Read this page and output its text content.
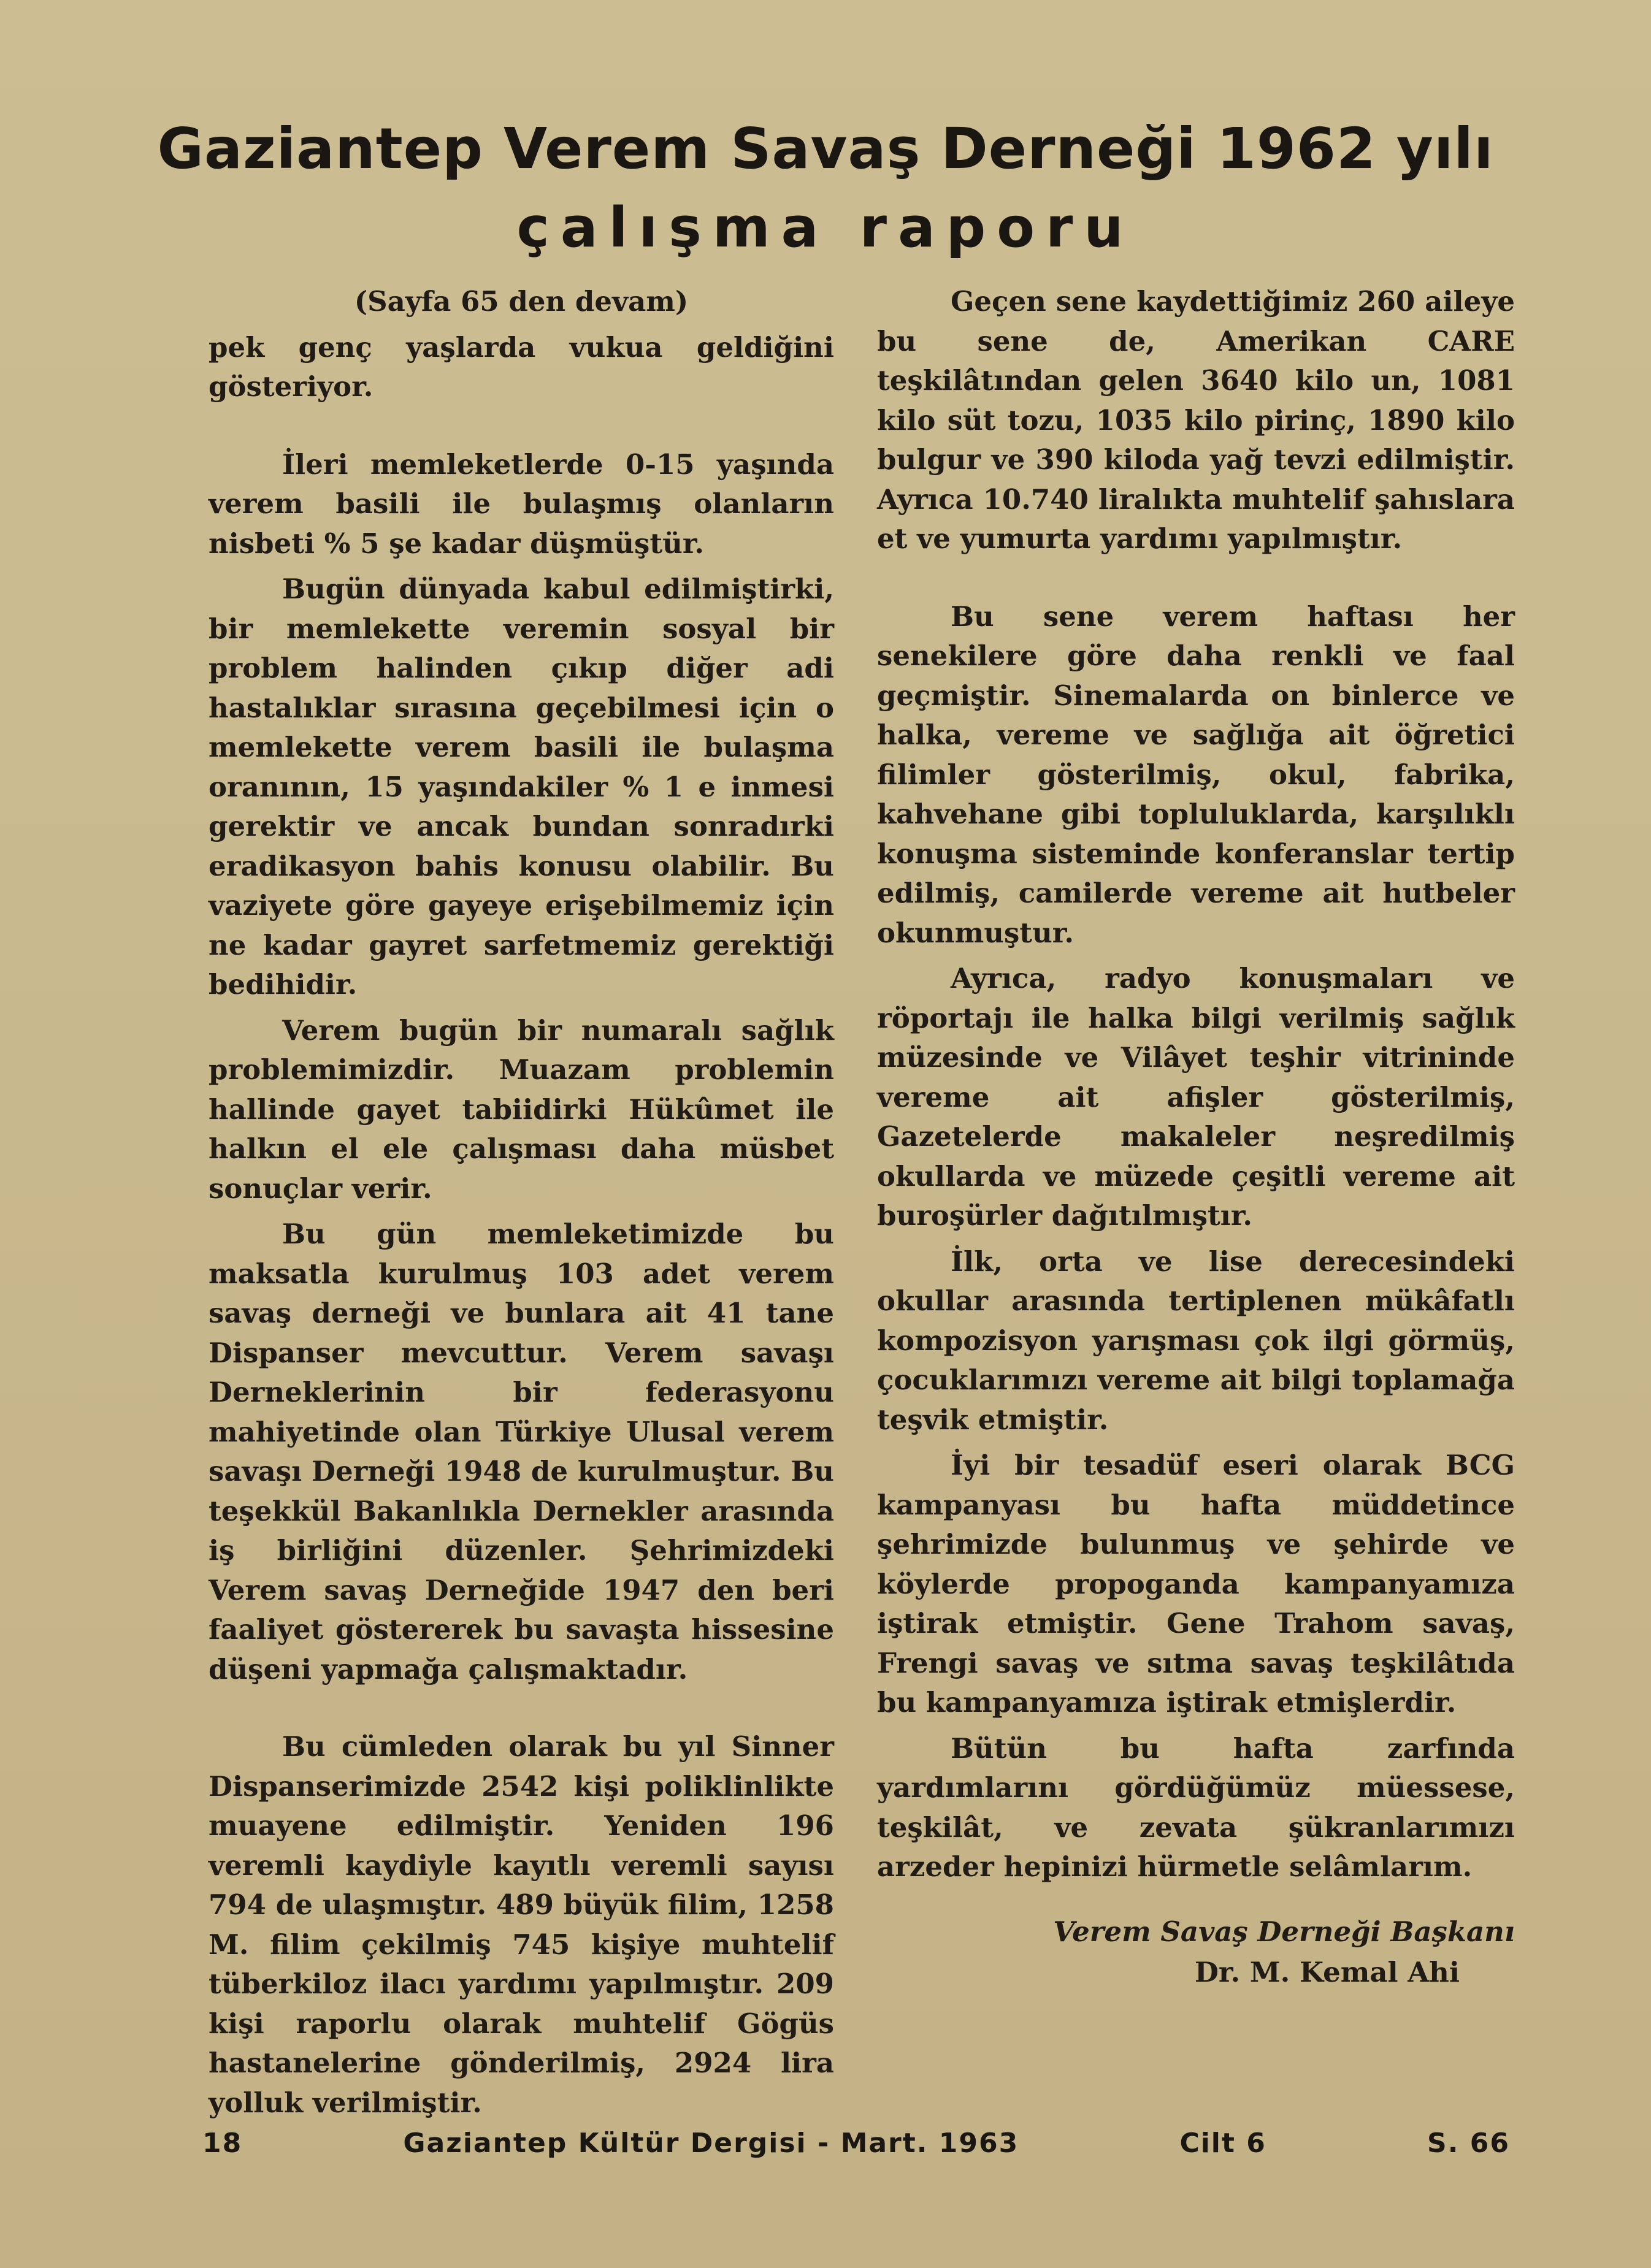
Gaziantep Verem Savaş Derneği 1962 yılı
çalışma raporu

(Sayfa 65 den devam)

pek genç yaşlarda vukua geldiğini gösteriyor.

İleri memleketlerde 0-15 yaşında verem basili ile bulaşmış olanların nisbeti % 5 şe kadar düşmüştür.

Bugün dünyada kabul edilmiştirki, bir memlekette veremin sosyal bir problem halinden çıkıp diğer adi hastalıklar sırasına geçebilmesi için o memlekette verem basili ile bulaşma oranının, 15 yaşındakiler % 1 e inmesi gerektir ve ancak bundan sonradırki eradikasyon bahis konusu olabilir. Bu vaziyete göre gayeye erişebilmemiz için ne kadar gayret sarfetmemiz gerektiği bedihidir.

Verem bugün bir numaralı sağlık problemimizdir. Muazam problemin hallinde gayet tabiidirki Hükûmet ile halkın el ele çalışması daha müsbet sonuçlar verir.

Bu gün memleketimizde bu maksatla kurulmuş 103 adet verem savaş derneği ve bunlara ait 41 tane Dispanser mevcuttur. Verem savaşı Derneklerinin bir federasyonu mahiyetinde olan Türkiye Ulusal verem savaşı Derneği 1948 de kurulmuştur. Bu teşekkül Bakanlıkla Dernekler arasında iş birliğini düzenler. Şehrimizdeki Verem savaş Derneğide 1947 den beri faaliyet göstererek bu savaşta hissesine düşeni yapmağa çalışmaktadır.

Bu cümleden olarak bu yıl Sinner Dispanserimizde 2542 kişi poliklinlikte muayene edilmiştir. Yeniden 196 veremli kaydiyle kayıtlı veremli sayısı 794 de ulaşmıştır. 489 büyük filim, 1258 M. filim çekilmiş 745 kişiye muhtelif tüberkiloz ilacı yardımı yapılmıştır. 209 kişi raporlu olarak muhtelif Gögüs hastanelerine gönderilmiş, 2924 lira yolluk verilmiştir.

Geçen sene kaydettiğimiz 260 aileye bu sene de, Amerikan CARE teşkilâtından gelen 3640 kilo un, 1081 kilo süt tozu, 1035 kilo pirinç, 1890 kilo bulgur ve 390 kiloda yağ tevzi edilmiştir. Ayrıca 10.740 liralıkta muhtelif şahıslara et ve yumurta yardımı yapılmıştır.

Bu sene verem haftası her senekilere göre daha renkli ve faal geçmiştir. Sinemalarda on binlerce ve halka, vereme ve sağlığa ait öğretici filimler gösterilmiş, okul, fabrika, kahvehane gibi topluluklarda, karşılıklı konuşma sisteminde konferanslar tertip edilmiş, camilerde vereme ait hutbeler okunmuştur.

Ayrıca, radyo konuşmaları ve röportajı ile halka bilgi verilmiş sağlık müzesinde ve Vilâyet teşhir vitrininde vereme ait afişler gösterilmiş, Gazetelerde makaleler neşredilmiş okullarda ve müzede çeşitli vereme ait buroşürler dağıtılmıştır.

İlk, orta ve lise derecesindeki okullar arasında tertiplenen mükâfatlı kompozisyon yarışması çok ilgi görmüş, çocuklarımızı vereme ait bilgi toplamağa teşvik etmiştir.

İyi bir tesadüf eseri olarak BCG kampanyası bu hafta müddetince şehrimizde bulunmuş ve şehirde ve köylerde propoganda kampanyamıza iştirak etmiştir. Gene Trahom savaş, Frengi savaş ve sıtma savaş teşkilâtıda bu kampanyamıza iştirak etmişlerdir.

Bütün bu hafta zarfında yardımlarını gördüğümüz müessese, teşkilât, ve zevata şükranlarımızı arzeder hepinizi hürmetle selâmlarım.

Verem Savaş Derneği Başkanı
Dr. M. Kemal Ahi
18	Gaziantep Kültür Dergisi - Mart. 1963	Cilt 6	S. 66
